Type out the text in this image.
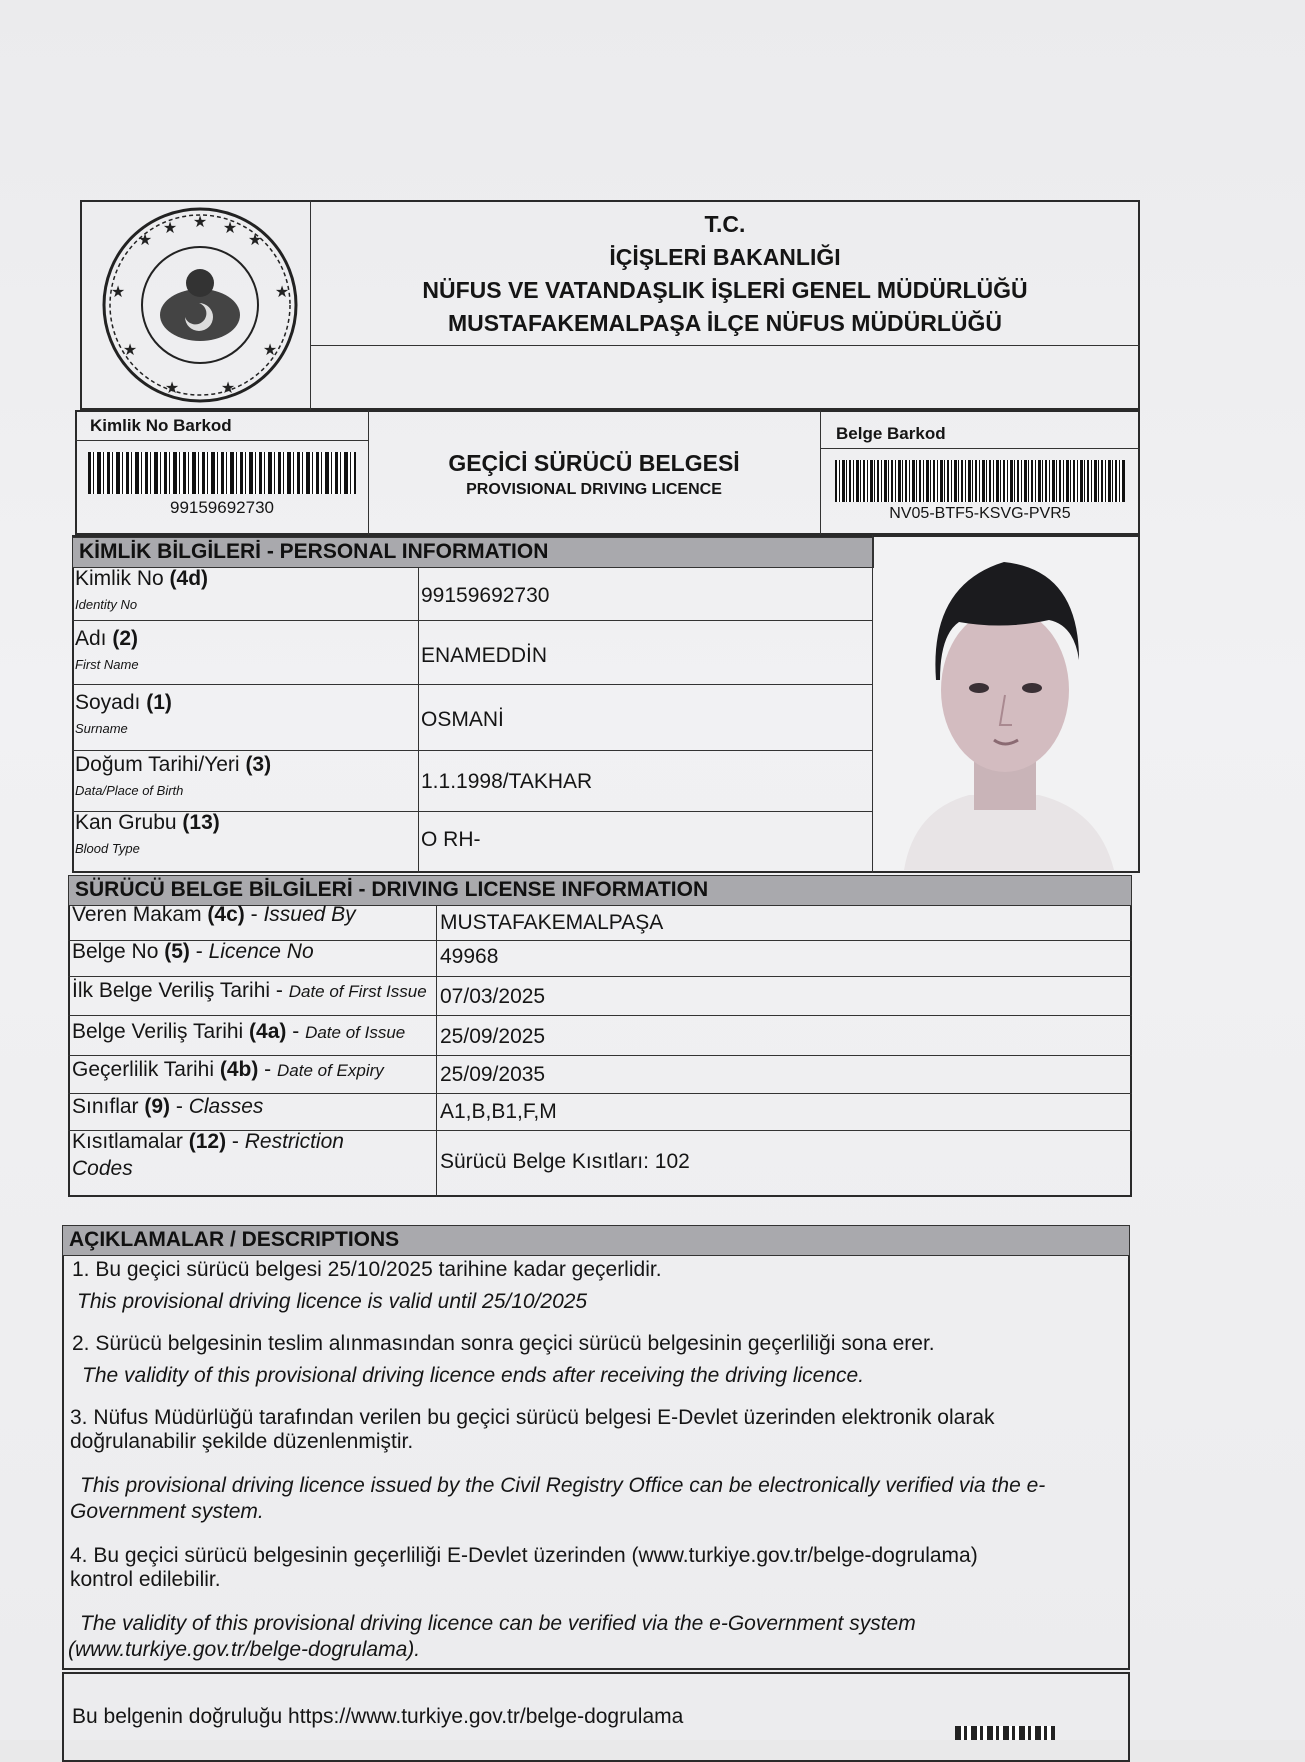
★
★
★
★
★
★
★
★
★
★	★	T.C.
İÇİŞLERİ BAKANLIĞI
NÜFUS VE VATANDAŞLIK İŞLERİ GENEL MÜDÜRLÜĞÜ
MUSTAFAKEMALPAŞA İLÇE NÜFUS MÜDÜRLÜĞÜ
Kimlik No Barkod
99159692730
GEÇİCİ SÜRÜCÜ BELGESİ
PROVISIONAL DRIVING LICENCE
Belge Barkod
NV05-BTF5-KSVG-PVR5
KİMLİK BİLGİLERİ - PERSONAL INFORMATION
Kimlik No (4d)
Identity No	99159692730
Adı (2)
First Name	ENAMEDDİN
Soyadı (1)
Surname	OSMANİ
Doğum Tarihi/Yeri (3)
Data/Place of Birth	1.1.1998/TAKHAR
Kan Grubu (13)
Blood Type	O RH-
SÜRÜCÜ BELGE BİLGİLERİ - DRIVING LICENSE INFORMATION
Veren Makam (4c) - Issued By	MUSTAFAKEMALPAŞA
Belge No (5) - Licence No	49968
İlk Belge Veriliş Tarihi - Date of First Issue 07/03/2025
Belge Veriliş Tarihi (4a) - Date of Issue 25/09/2025
Geçerlilik Tarihi (4b) - Date of Expiry	25/09/2035
Sınıflar (9) - Classes	A1,B,B1,F,M
Kısıtlamalar (12) - Restriction
Codes	Sürücü Belge Kısıtları: 102
AÇIKLAMALAR / DESCRIPTIONS
1. Bu geçici sürücü belgesi 25/10/2025 tarihine kadar geçerlidir.
This provisional driving licence is valid until 25/10/2025
2. Sürücü belgesinin teslim alınmasından sonra geçici sürücü belgesinin geçerliliği sona erer.
The validity of this provisional driving licence ends after receiving the driving licence.
3. Nüfus Müdürlüğü tarafından verilen bu geçici sürücü belgesi E-Devlet üzerinden elektronik olarak
doğrulanabilir şekilde düzenlenmiştir.
This provisional driving licence issued by the Civil Registry Office can be electronically verified via the e-
Government system.
4. Bu geçici sürücü belgesinin geçerliliği E-Devlet üzerinden (www.turkiye.gov.tr/belge-dogrulama)
kontrol edilebilir.
The validity of this provisional driving licence can be verified via the e-Government system
(www.turkiye.gov.tr/belge-dogrulama).
Bu belgenin doğruluğu https://www.turkiye.gov.tr/belge-dogrulama
